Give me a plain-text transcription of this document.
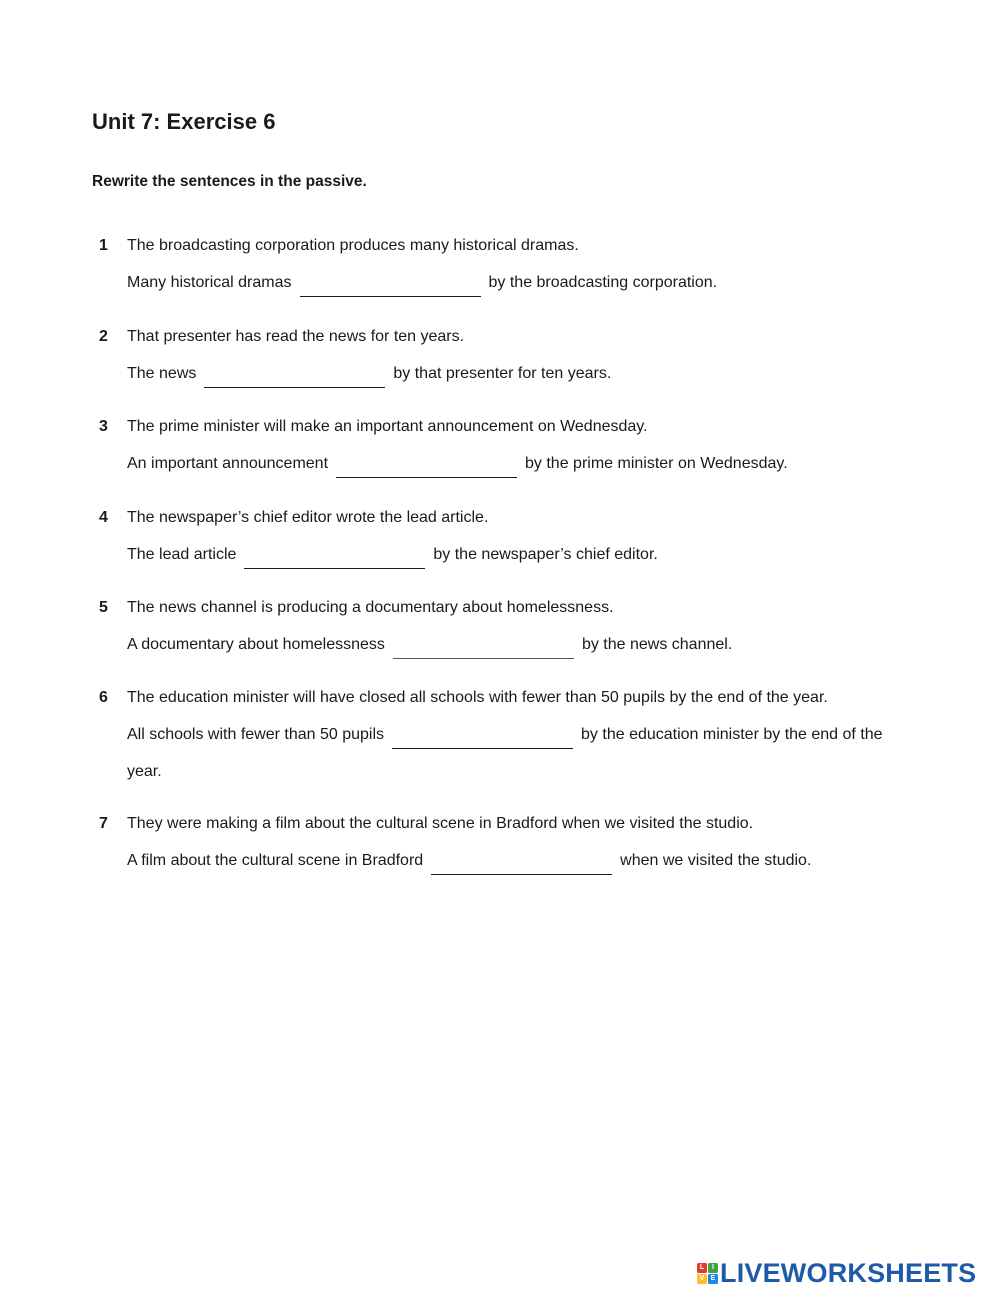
Unit 7: Exercise 6

Rewrite the sentences in the passive.

1 The broadcasting corporation produces many historical dramas.
Many historical dramas	by the broadcasting corporation.
2 That presenter has read the news for ten years.
The news	by that presenter for ten years.
3 The prime minister will make an important announcement on Wednesday.
An important announcement	by the prime minister on Wednesday.
4 The newspaper’s chief editor wrote the lead article.
The lead article	by the newspaper’s chief editor.
5 The news channel is producing a documentary about homelessness.
A documentary about homelessness	by the news channel.
6 The education minister will have closed all schools with fewer than 50 pupils by the end of the year.
All schools with fewer than 50 pupils	by the education minister by the end of the year.
7 They were making a film about the cultural scene in Bradford when we visited the studio.
A film about the cultural scene in Bradford	when we visited the studio.
L	I
V E LIVEWORKSHEETS
